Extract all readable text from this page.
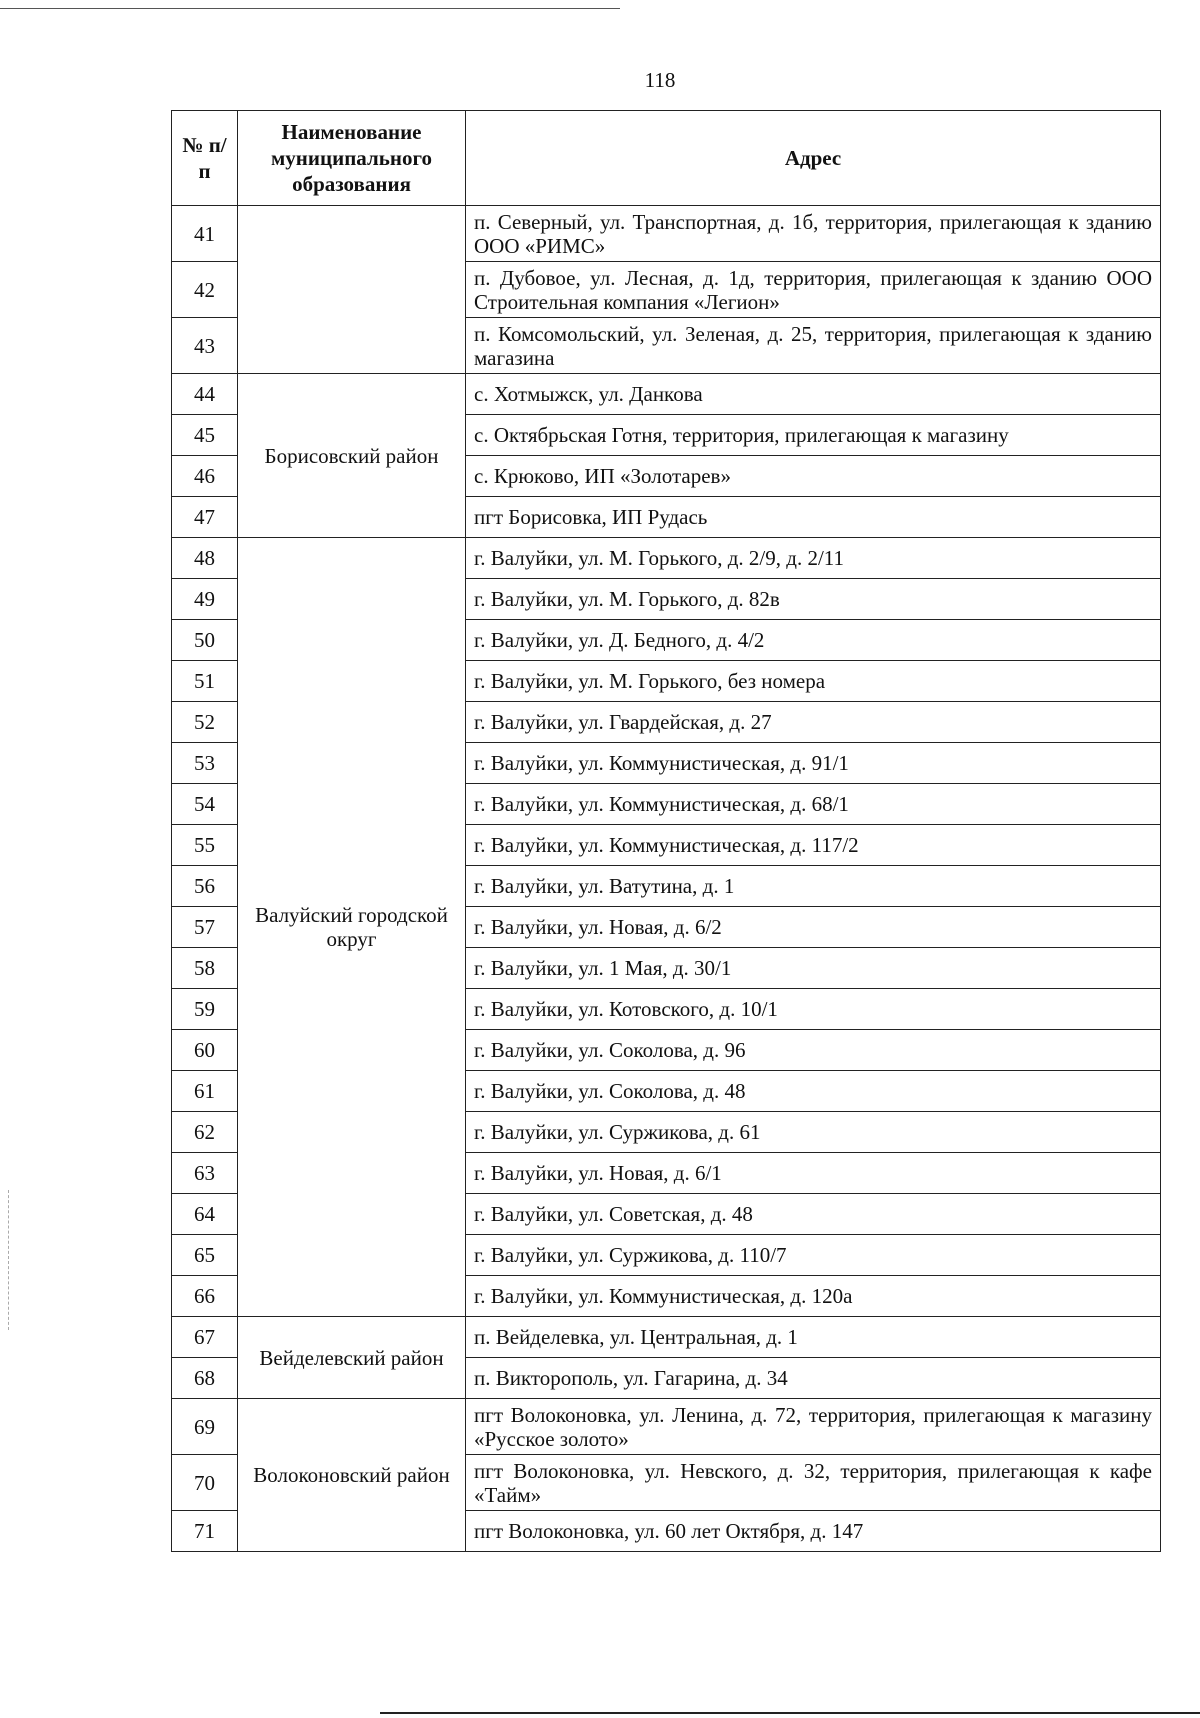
118
№ п/п	Наименование муниципального образования	Адрес
41		п. Северный, ул. Транспортная, д. 1б, территория, прилегающая к зданию ООО «РИМС»
42		п. Дубовое, ул. Лесная, д. 1д, территория, прилегающая к зданию ООО Строительная компания «Легион»
43		п. Комсомольский, ул. Зеленая, д. 25, территория, прилегающая к зданию магазина
44	Борисовский район	с. Хотмыжск, ул. Данкова
45		с. Октябрьская Готня, территория, прилегающая к магазину
46		с. Крюково, ИП «Золотарев»
47		пгт Борисовка, ИП Рудась
48	Валуйский городской округ	г. Валуйки, ул. М. Горького, д. 2/9, д. 2/11
49		г. Валуйки, ул. М. Горького, д. 82в
50		г. Валуйки, ул. Д. Бедного, д. 4/2
51		г. Валуйки, ул. М. Горького, без номера
52		г. Валуйки, ул. Гвардейская, д. 27
53		г. Валуйки, ул. Коммунистическая, д. 91/1
54		г. Валуйки, ул. Коммунистическая, д. 68/1
55		г. Валуйки, ул. Коммунистическая, д. 117/2
56		г. Валуйки, ул. Ватутина, д. 1
57		г. Валуйки, ул. Новая, д. 6/2
58		г. Валуйки, ул. 1 Мая, д. 30/1
59		г. Валуйки, ул. Котовского, д. 10/1
60		г. Валуйки, ул. Соколова, д. 96
61		г. Валуйки, ул. Соколова, д. 48
62		г. Валуйки, ул. Суржикова, д. 61
63		г. Валуйки, ул. Новая, д. 6/1
64		г. Валуйки, ул. Советская, д. 48
65		г. Валуйки, ул. Суржикова, д. 110/7
66		г. Валуйки, ул. Коммунистическая, д. 120а
67	Вейделевский район	п. Вейделевка, ул. Центральная, д. 1
68		п. Викторополь, ул. Гагарина, д. 34
69	Волоконовский район	пгт Волоконовка, ул. Ленина, д. 72, территория, прилегающая к магазину «Русское золото»
70		пгт Волоконовка, ул. Невского, д. 32, территория, прилегающая к кафе «Тайм»
71		пгт Волоконовка, ул. 60 лет Октября, д. 147
